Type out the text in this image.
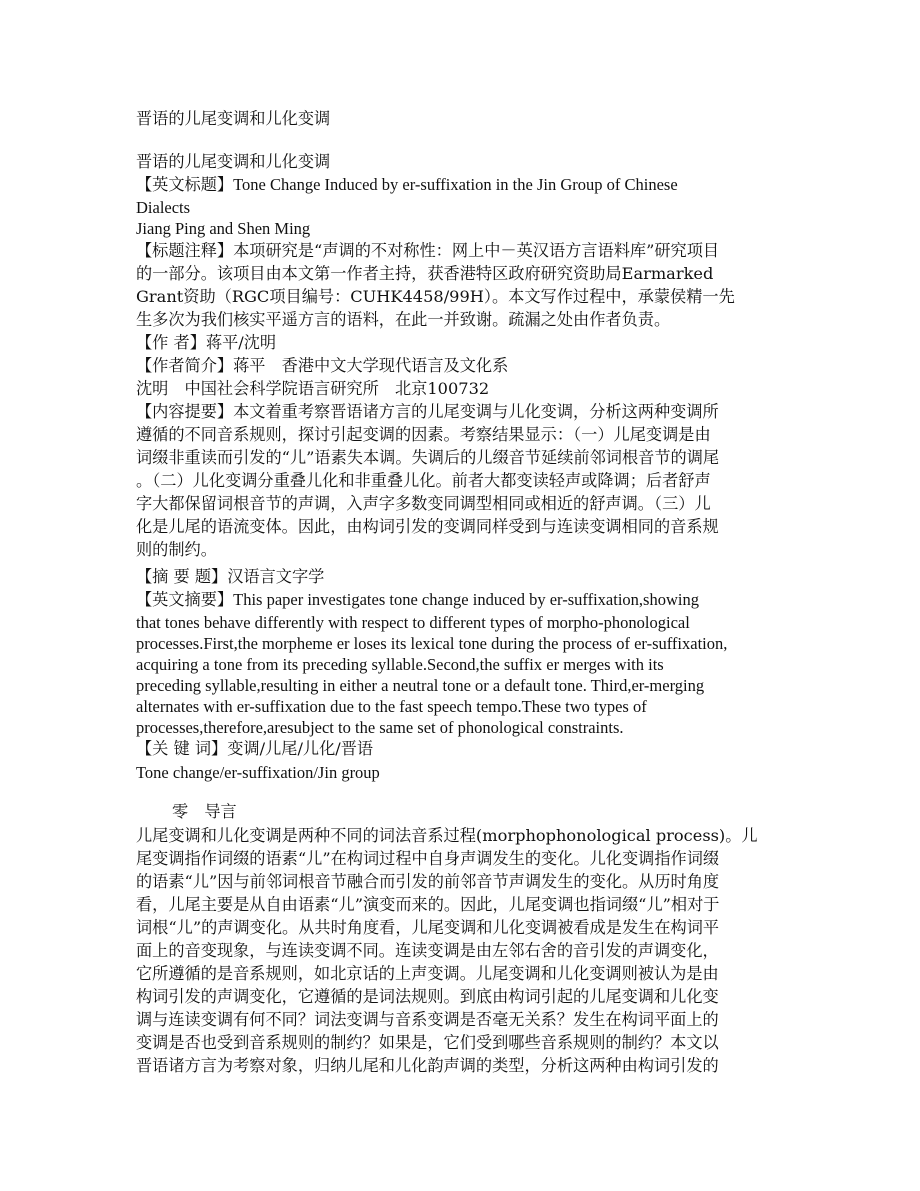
晋语的儿尾变调和儿化变调
晋语的儿尾变调和儿化变调
【英文标题】Tone Change Induced by er-suffixation in the Jin Group of Chinese
Dialects
Jiang Ping and Shen Ming
【标题注释】本项研究是“声调的不对称性：网上中－英汉语方言语料库”研究项目
的一部分。该项目由本文第一作者主持，获香港特区政府研究资助局Earmarked
Grant资助（RGC项目编号：CUHK4458/99H）。本文写作过程中，承蒙侯精一先
生多次为我们核实平遥方言的语料，在此一并致谢。疏漏之处由作者负责。
【作 者】蒋平/沈明
【作者简介】蒋平　香港中文大学现代语言及文化系
沈明　中国社会科学院语言研究所　北京100732
【内容提要】本文着重考察晋语诸方言的儿尾变调与儿化变调，分析这两种变调所
遵循的不同音系规则，探讨引起变调的因素。考察结果显示：（一）儿尾变调是由
词缀非重读而引发的“儿”语素失本调。失调后的儿缀音节延续前邻词根音节的调尾
。（二）儿化变调分重叠儿化和非重叠儿化。前者大都变读轻声或降调；后者舒声
字大都保留词根音节的声调，入声字多数变同调型相同或相近的舒声调。（三）儿
化是儿尾的语流变体。因此，由构词引发的变调同样受到与连读变调相同的音系规
则的制约。
【摘 要 题】汉语言文字学
【英文摘要】This paper investigates tone change induced by er-suffixation,showing
that tones behave differently with respect to different types of morpho-phonological
processes.First,the morpheme er loses its lexical tone during the process of er-suffixation,
acquiring a tone from its preceding syllable.Second,the suffix er merges with its
preceding syllable,resulting in either a neutral tone or a default tone. Third,er-merging
alternates with er-suffixation due to the fast speech tempo.These two types of
processes,therefore,aresubject to the same set of phonological constraints.
【关 键 词】变调/儿尾/儿化/晋语
Tone change/er-suffixation/Jin group
零　导言
儿尾变调和儿化变调是两种不同的词法音系过程(morphophonological process)。儿
尾变调指作词缀的语素“儿”在构词过程中自身声调发生的变化。儿化变调指作词缀
的语素“儿”因与前邻词根音节融合而引发的前邻音节声调发生的变化。从历时角度
看，儿尾主要是从自由语素“儿”演变而来的。因此，儿尾变调也指词缀“儿”相对于
词根“儿”的声调变化。从共时角度看，儿尾变调和儿化变调被看成是发生在构词平
面上的音变现象，与连读变调不同。连读变调是由左邻右舍的音引发的声调变化，
它所遵循的是音系规则，如北京话的上声变调。儿尾变调和儿化变调则被认为是由
构词引发的声调变化，它遵循的是词法规则。到底由构词引起的儿尾变调和儿化变
调与连读变调有何不同？词法变调与音系变调是否毫无关系？发生在构词平面上的
变调是否也受到音系规则的制约？如果是，它们受到哪些音系规则的制约？本文以
晋语诸方言为考察对象，归纳儿尾和儿化韵声调的类型，分析这两种由构词引发的
